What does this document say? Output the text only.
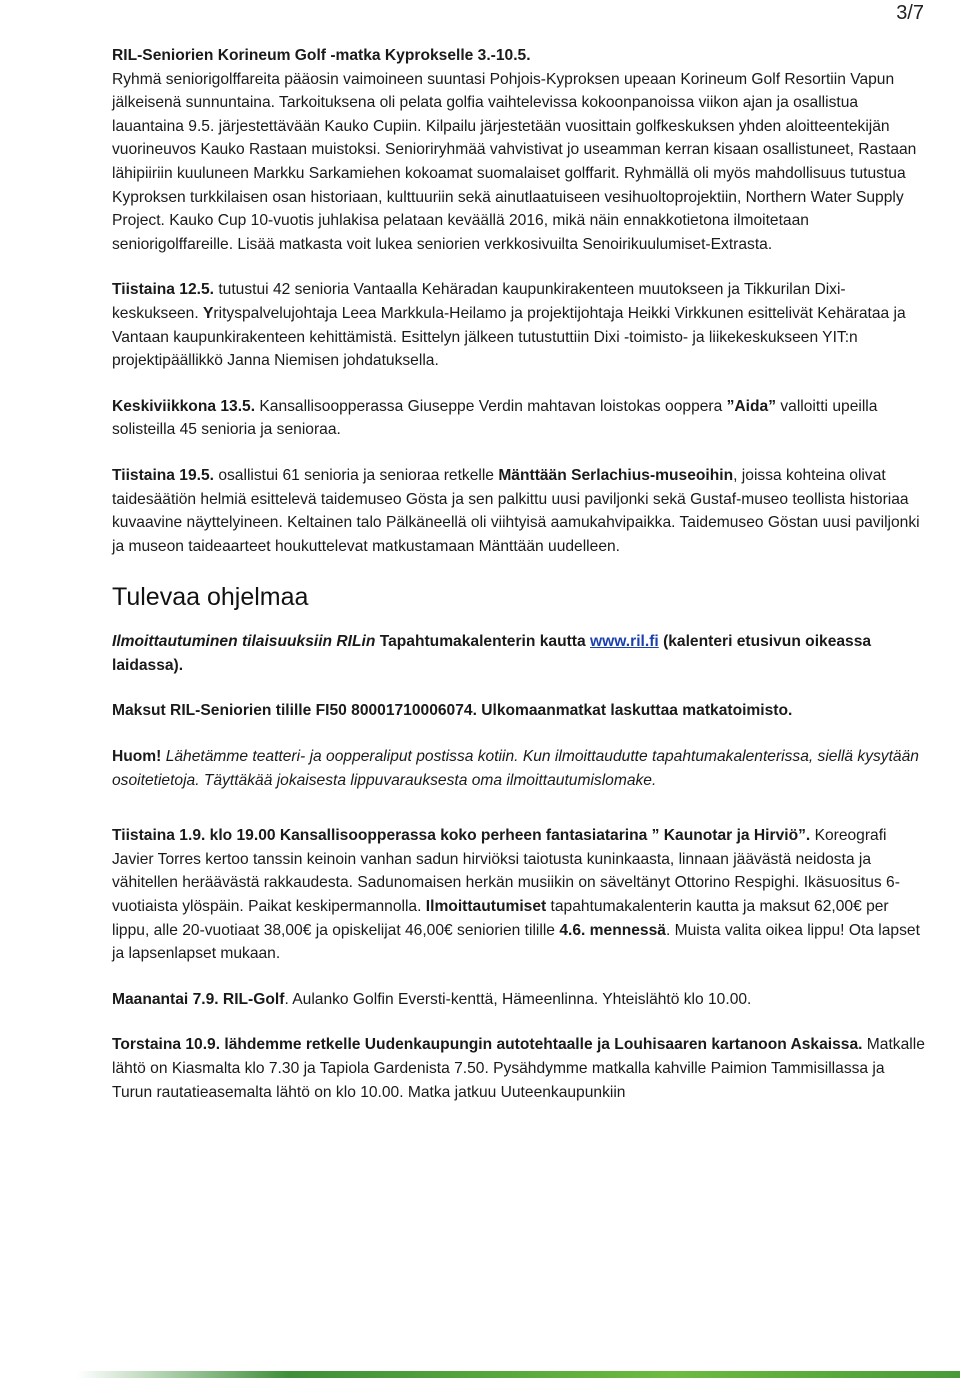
3/7

RIL-Seniorien Korineum Golf -matka Kyprokselle 3.-10.5.
Ryhmä seniorigolffareita pääosin vaimoineen suuntasi Pohjois-Kyproksen upeaan Korineum Golf Resortiin Vapun jälkeisenä sunnuntaina. Tarkoituksena oli pelata golfia vaihtelevissa kokoonpanoissa viikon ajan ja osallistua lauantaina 9.5. järjestettävään Kauko Cupiin. Kilpailu järjestetään vuosittain golfkeskuksen yhden aloitteentekijän vuorineuvos Kauko Rastaan muistoksi. Senioriryhmää vahvistivat jo useamman kerran kisaan osallistuneet, Rastaan lähipiiriin kuuluneen Markku Sarkamiehen kokoamat suomalaiset golffarit. Ryhmällä oli myös mahdollisuus tutustua Kyproksen turkkilaisen osan historiaan, kulttuuriin sekä ainutlaatuiseen vesihuoltoprojektiin, Northern Water Supply Project. Kauko Cup 10-vuotis juhlakisa pelataan keväällä 2016, mikä näin ennakkotietona ilmoitetaan seniorigolffareille. Lisää matkasta voit lukea seniorien verkkosivuilta Senoirikuulumiset-Extrasta.

Tiistaina 12.5. tutustui 42 senioria Vantaalla Kehäradan kaupunkirakenteen muutokseen ja Tikkurilan Dixi-keskukseen. Yrityspalvelujohtaja Leea Markkula-Heilamo ja projektijohtaja Heikki Virkkunen esittelivät Kehärataa ja Vantaan kaupunkirakenteen kehittämistä. Esittelyn jälkeen tutustuttiin Dixi -toimisto- ja liikekeskukseen YIT:n projektipäällikkö Janna Niemisen johdatuksella.

Keskiviikkona 13.5. Kansallisoopperassa Giuseppe Verdin mahtavan loistokas ooppera ”Aida” valloitti upeilla solisteilla 45 senioria ja senioraa.

Tiistaina 19.5. osallistui 61 senioria ja senioraa retkelle Mänttään Serlachius-museoihin, joissa kohteina olivat taidesäätiön helmiä esittelevä taidemuseo Gösta ja sen palkittu uusi paviljonki sekä Gustaf-museo teollista historiaa kuvaavine näyttelyineen. Keltainen talo Pälkäneellä oli viihtyisä aamukahvipaikka. Taidemuseo Göstan uusi paviljonki ja museon taideaarteet houkuttelevat matkustamaan Mänttään uudelleen.

Tulevaa ohjelmaa

Ilmoittautuminen tilaisuuksiin RILin Tapahtumakalenterin kautta www.ril.fi (kalenteri etusivun oikeassa laidassa).

Maksut RIL-Seniorien tilille FI50 80001710006074. Ulkomaanmatkat laskuttaa matkatoimisto.

Huom! Lähetämme teatteri- ja oopperaliput postissa kotiin. Kun ilmoittaudutte tapahtumakalenterissa, siellä kysytään osoitetietoja. Täyttäkää jokaisesta lippuvarauksesta oma ilmoittautumislomake.

Tiistaina 1.9. klo 19.00 Kansallisoopperassa koko perheen fantasiatarina ” Kaunotar ja Hirviö”. Koreografi Javier Torres kertoo tanssin keinoin vanhan sadun hirviöksi taiotusta kuninkaasta, linnaan jäävästä neidosta ja vähitellen heräävästä rakkaudesta. Sadunomaisen herkän musiikin on säveltänyt Ottorino Respighi. Ikäsuositus 6-vuotiaista ylöspäin. Paikat keskipermannolla. Ilmoittautumiset tapahtumakalenterin kautta ja maksut 62,00€ per lippu, alle 20-vuotiaat 38,00€ ja opiskelijat 46,00€ seniorien tilille 4.6. mennessä. Muista valita oikea lippu! Ota lapset ja lapsenlapset mukaan.

Maanantai 7.9. RIL-Golf. Aulanko Golfin Eversti-kenttä, Hämeenlinna. Yhteislähtö klo 10.00.

Torstaina 10.9. lähdemme retkelle Uudenkaupungin autotehtaalle ja Louhisaaren kartanoon Askaissa. Matkalle lähtö on Kiasmalta klo 7.30 ja Tapiola Gardenista 7.50. Pysähdymme matkalla kahville Paimion Tammisillassa ja Turun rautatieasemalta lähtö on klo 10.00. Matka jatkuu Uuteenkaupunkiin
